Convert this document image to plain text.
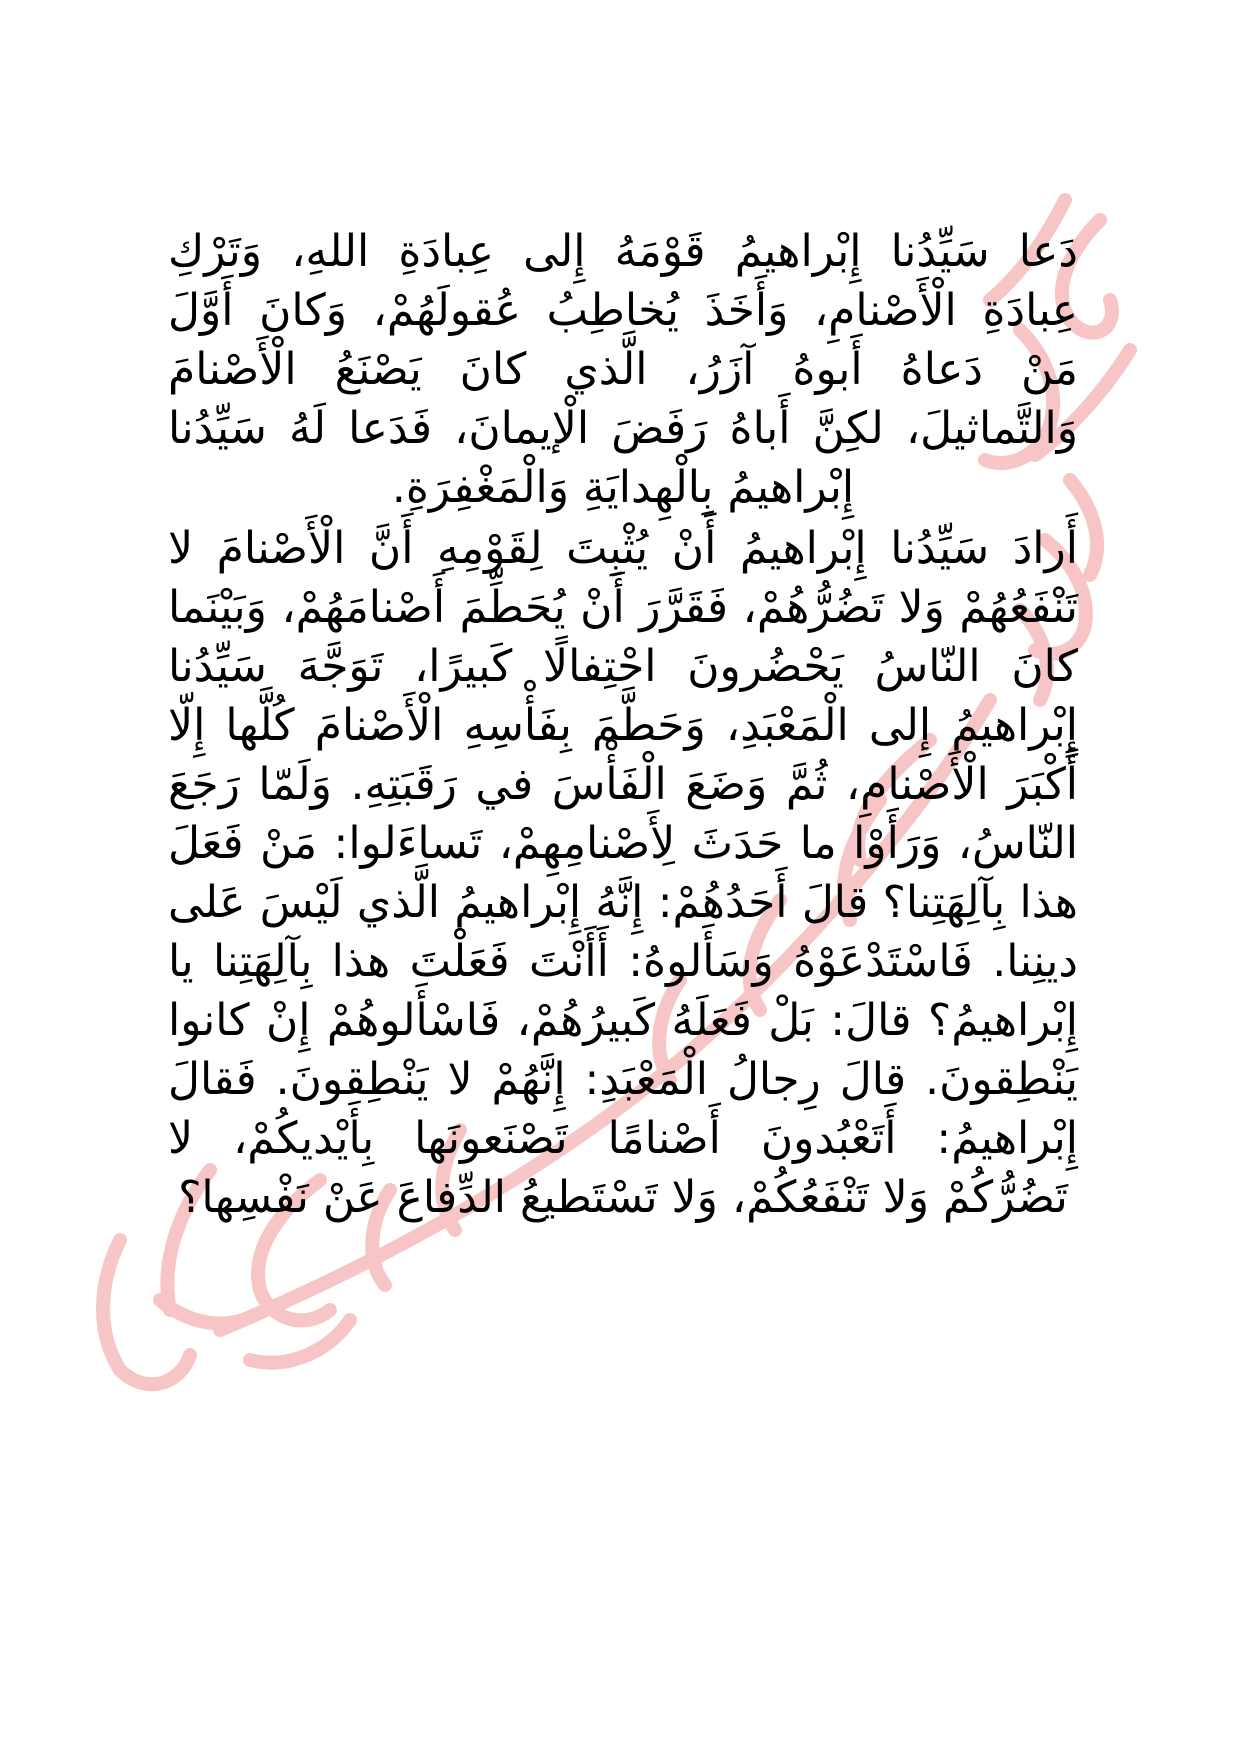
دَعا سَيِّدُنا إِبْراهيمُ قَوْمَهُ إِلى عِبادَةِ اللهِ، وَتَرْكِ عِبادَةِ الْأَصْنامِ، وَأَخَذَ يُخاطِبُ عُقولَهُمْ، وَكانَ أَوَّلَ مَنْ دَعاهُ أَبوهُ آزَرُ، الَّذي كانَ يَصْنَعُ الْأَصْنامَ وَالتَّماثيلَ، لكِنَّ أَباهُ رَفَضَ الْإيمانَ، فَدَعا لَهُ سَيِّدُنا إِبْراهيمُ بِالْهِدايَةِ وَالْمَغْفِرَةِ.

أَرادَ سَيِّدُنا إِبْراهيمُ أَنْ يُثْبِتَ لِقَوْمِهِ أَنَّ الْأَصْنامَ لا تَنْفَعُهُمْ وَلا تَضُرُّهُمْ، فَقَرَّرَ أَنْ يُحَطِّمَ أَصْنامَهُمْ، وَبَيْنَما كانَ النّاسُ يَحْضُرونَ احْتِفالًا كَبيرًا، تَوَجَّهَ سَيِّدُنا إِبْراهيمُ إِلى الْمَعْبَدِ، وَحَطَّمَ بِفَأْسِهِ الْأَصْنامَ كُلَّها إِلّا أَكْبَرَ الْأَصْنامِ، ثُمَّ وَضَعَ الْفَأْسَ في رَقَبَتِهِ. وَلَمّا رَجَعَ النّاسُ، وَرَأَوْا ما حَدَثَ لِأَصْنامِهِمْ، تَساءَلوا: مَنْ فَعَلَ هذا بِآلِهَتِنا؟ قالَ أَحَدُهُمْ: إِنَّهُ إِبْراهيمُ الَّذي لَيْسَ عَلى دينِنا. فَاسْتَدْعَوْهُ وَسَأَلوهُ: أَأَنْتَ فَعَلْتَ هذا بِآلِهَتِنا يا إِبْراهيمُ؟ قالَ: بَلْ فَعَلَهُ كَبيرُهُمْ، فَاسْأَلوهُمْ إِنْ كانوا يَنْطِقونَ. قالَ رِجالُ الْمَعْبَدِ: إِنَّهُمْ لا يَنْطِقونَ. فَقالَ إِبْراهيمُ: أَتَعْبُدونَ أَصْنامًا تَصْنَعونَها بِأَيْديكُمْ، لا تَضُرُّكُمْ وَلا تَنْفَعُكُمْ، وَلا تَسْتَطيعُ الدِّفاعَ عَنْ نَفْسِها؟
